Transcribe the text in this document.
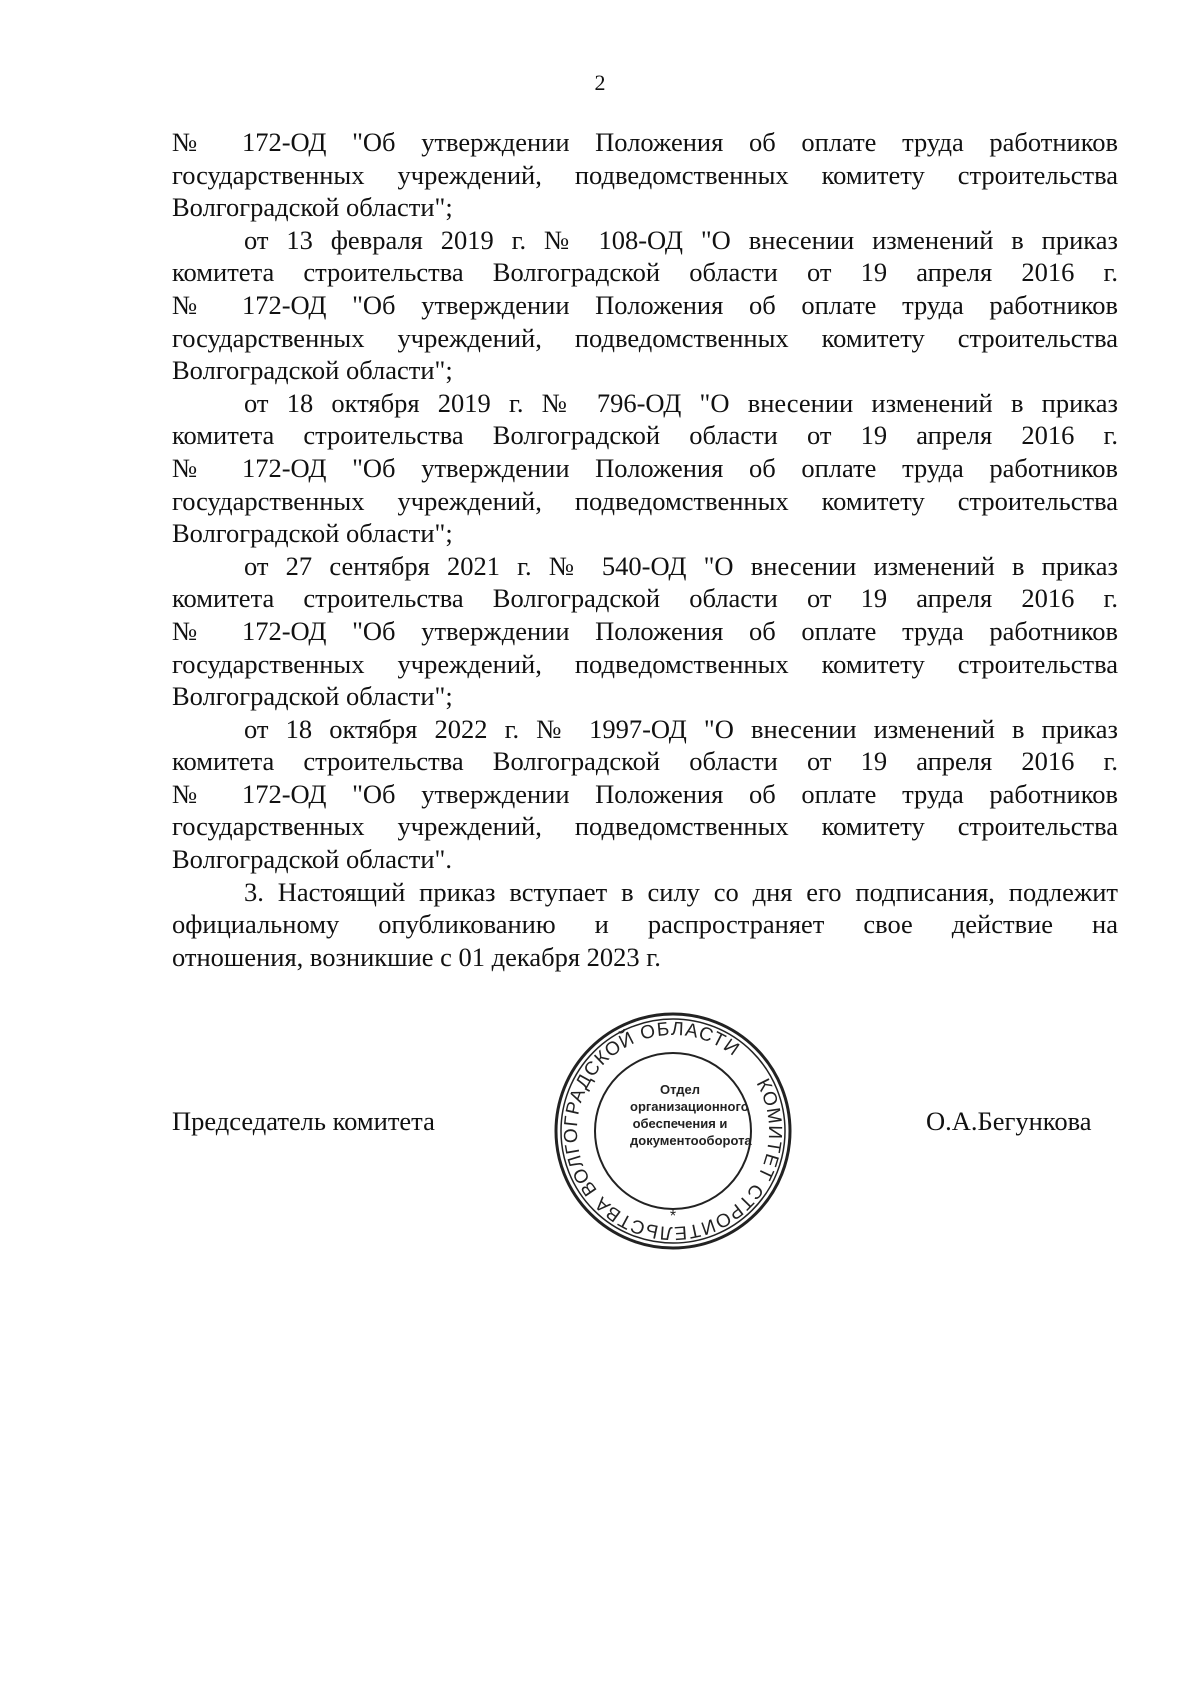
2
№ 172-ОД "Об утверждении Положения об оплате труда работников
государственных учреждений, подведомственных комитету строительства
Волгоградской области";
от 13 февраля 2019 г. № 108-ОД "О внесении изменений в приказ
комитета строительства Волгоградской области от 19 апреля 2016 г.
№ 172-ОД "Об утверждении Положения об оплате труда работников
государственных учреждений, подведомственных комитету строительства
Волгоградской области";
от 18 октября 2019 г. № 796-ОД "О внесении изменений в приказ
комитета строительства Волгоградской области от 19 апреля 2016 г.
№ 172-ОД "Об утверждении Положения об оплате труда работников
государственных учреждений, подведомственных комитету строительства
Волгоградской области";
от 27 сентября 2021 г. № 540-ОД "О внесении изменений в приказ
комитета строительства Волгоградской области от 19 апреля 2016 г.
№ 172-ОД "Об утверждении Положения об оплате труда работников
государственных учреждений, подведомственных комитету строительства
Волгоградской области";
от 18 октября 2022 г. № 1997-ОД "О внесении изменений в приказ
комитета строительства Волгоградской области от 19 апреля 2016 г.
№ 172-ОД "Об утверждении Положения об оплате труда работников
государственных учреждений, подведомственных комитету строительства
Волгоградской области".
3. Настоящий приказ вступает в силу со дня его подписания, подлежит
официальному опубликованию и распространяет свое действие на
отношения, возникшие с 01 декабря 2023 г.
Председатель комитета	О.А.Бегункова
КОМИТЕТ СТРОИТЕЛЬСТВА ВОЛГОГРАДСКОЙ ОБЛАСТИ
*
Отдел
организационного
обеспечения и
документооборота
